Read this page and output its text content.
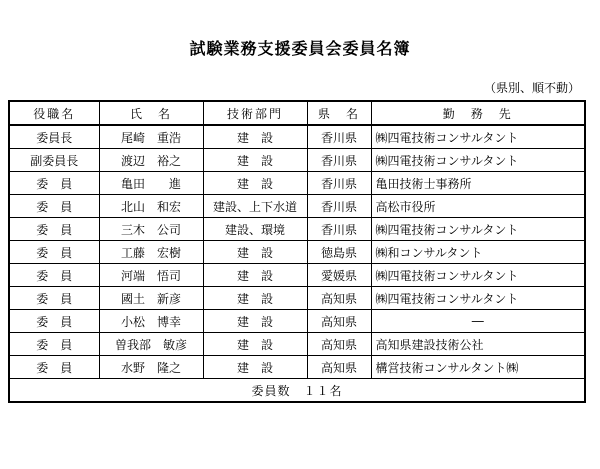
試験業務支援委員会委員名簿
（県別、順不動）
役職名	氏　名	技術部門	県　名	勤　務　先
委員長	尾崎　重浩	建　設	香川県	㈱四電技術コンサルタント
副委員長	渡辺　裕之	建　設	香川県	㈱四電技術コンサルタント
委　員	亀田　　進	建　設	香川県	亀田技術士事務所
委　員	北山　和宏	建設、上下水道	香川県	高松市役所
委　員	三木　公司	建設、環境	香川県	㈱四電技術コンサルタント
委　員	工藤　宏樹	建　設	徳島県	㈱和コンサルタント
委　員	河端　悟司	建　設	愛媛県	㈱四電技術コンサルタント
委　員	國土　新彦	建　設	高知県	㈱四電技術コンサルタント
委　員	小松　博幸	建　設	高知県	―
委　員	曽我部　敏彦	建　設	高知県	高知県建設技術公社
委　員	水野　隆之	建　設	高知県	構営技術コンサルタント㈱
委員数　１１名				
